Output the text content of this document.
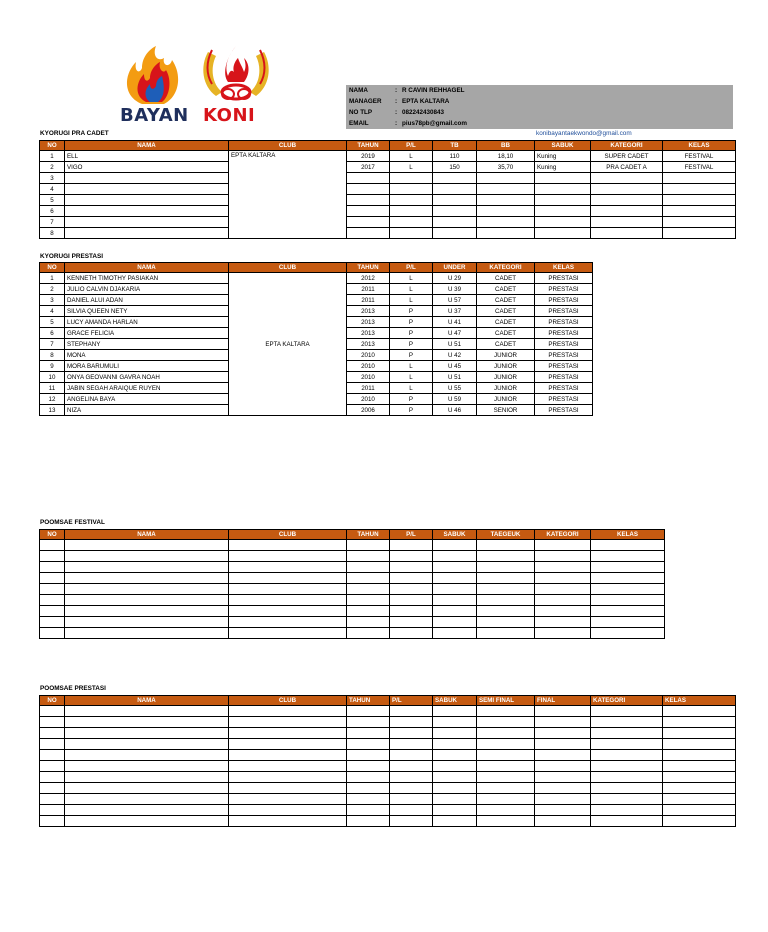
BAYAN KONI
NAMA	: R CAVIN REHHAGEL
MANAGER : EPTA KALTARA
NO TLP	: 082242430843
EMAIL	: pius78pb@gmail.com
konibayantaekwondo@gmail.com
KYORUGI PRA CADET
NO	NAMA	CLUB	TAHUN	P/L	TB	BB	SABUK	KATEGORI	KELAS
1	ELL	EPTA KALTARA	2019	L	110	18,10	Kuning	SUPER CADET	FESTIVAL
2	VIGO		2017	L	150	35,70	Kuning	PRA CADET A	FESTIVAL
3									
4									
5									
6									
7									
8									
KYORUGI PRESTASI
NO	NAMA	CLUB	TAHUN	P/L	UNDER	KATEGORI	KELAS
1	KENNETH TIMOTHY PASIAKAN	EPTA KALTARA	2012	L	U 29	CADET	PRESTASI
2	JULIO CALVIN DJAKARIA		2011	L	U 39	CADET	PRESTASI
3	DANIEL ALUI ADAN		2011	L	U 57	CADET	PRESTASI
4	SILVIA QUEEN NETY		2013	P	U 37	CADET	PRESTASI
5	LUCY AMANDA HARLAN		2013	P	U 41	CADET	PRESTASI
6	GRACE FELICIA		2013	P	U 47	CADET	PRESTASI
7	STEPHANY		2013	P	U 51	CADET	PRESTASI
8	MONA		2010	P	U 42	JUNIOR	PRESTASI
9	MORA BARUMULI		2010	L	U 45	JUNIOR	PRESTASI
10	ONYA GEOVANNI GAVRA NOAH		2010	L	U 51	JUNIOR	PRESTASI
11	JABIN SEGAH ARAIQUE RUYEN		2011	L	U 55	JUNIOR	PRESTASI
12	ANGELINA BAYA		2010	P	U 59	JUNIOR	PRESTASI
13	NIZA		2006	P	U 46	SENIOR	PRESTASI
POOMSAE FESTIVAL
NO	NAMA	CLUB	TAHUN	P/L	SABUK	TAEGEUK	KATEGORI	KELAS

POOMSAE PRESTASI
NO	NAMA	CLUB	TAHUN	P/L	SABUK	SEMI FINAL	FINAL	KATEGORI	KELAS
